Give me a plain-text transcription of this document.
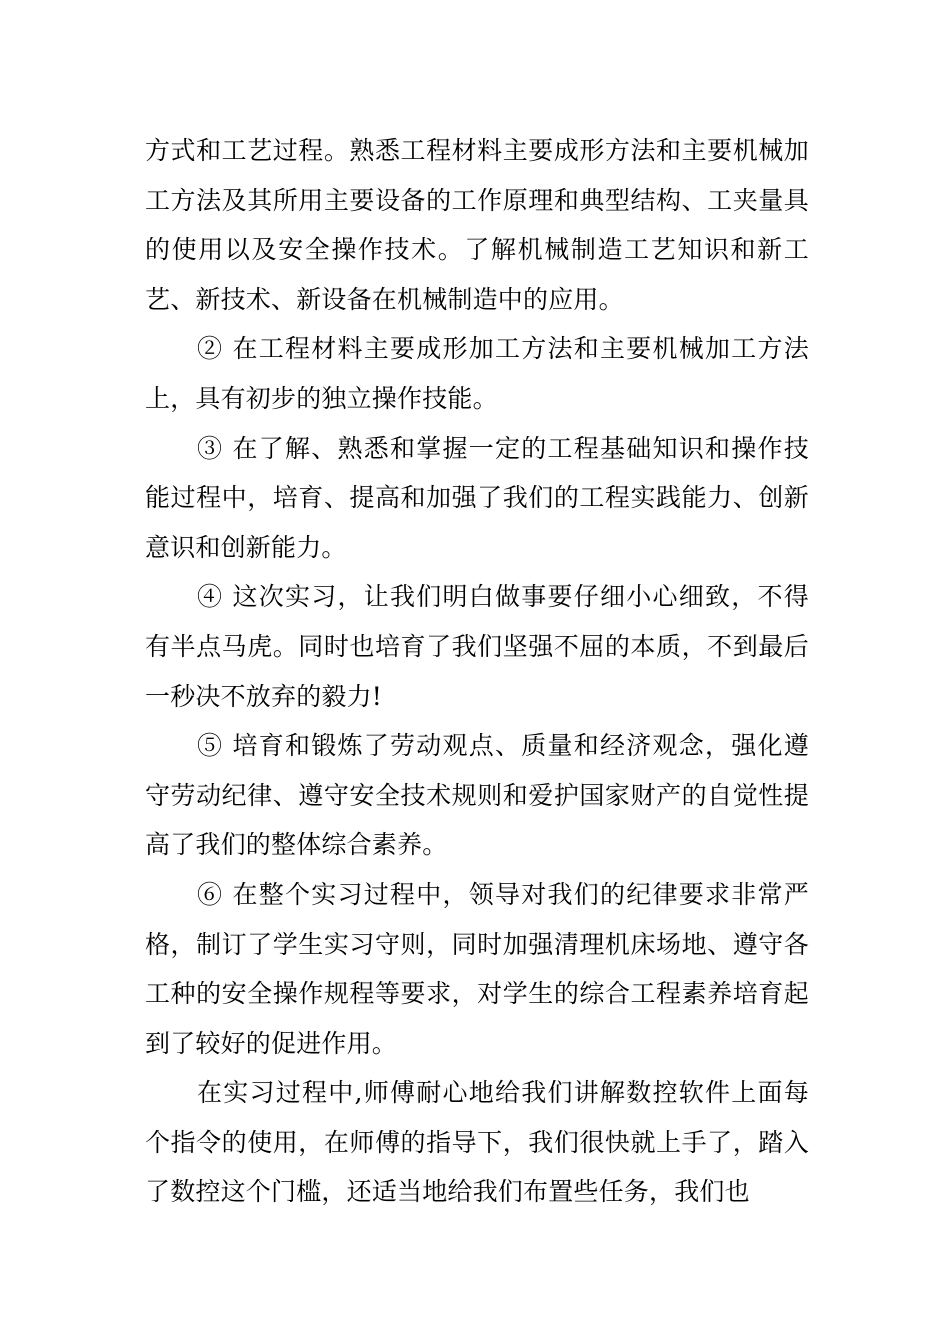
方式和工艺过程。熟悉工程材料主要成形方法和主要机械加工方法及其所用主要设备的工作原理和典型结构、工夹量具的使用以及安全操作技术。了解机械制造工艺知识和新工艺、新技术、新设备在机械制造中的应用。

② 在工程材料主要成形加工方法和主要机械加工方法上，具有初步的独立操作技能。

③ 在了解、熟悉和掌握一定的工程基础知识和操作技能过程中，培育、提高和加强了我们的工程实践能力、创新意识和创新能力。

④ 这次实习，让我们明白做事要仔细小心细致，不得有半点马虎。同时也培育了我们坚强不屈的本质，不到最后一秒决不放弃的毅力!

⑤ 培育和锻炼了劳动观点、质量和经济观念，强化遵守劳动纪律、遵守安全技术规则和爱护国家财产的自觉性提高了我们的整体综合素养。

⑥ 在整个实习过程中，领导对我们的纪律要求非常严格，制订了学生实习守则，同时加强清理机床场地、遵守各工种的安全操作规程等要求，对学生的综合工程素养培育起到了较好的促进作用。

在实习过程中,师傅耐心地给我们讲解数控软件上面每个指令的使用，在师傅的指导下，我们很快就上手了，踏入了数控这个门槛，还适当地给我们布置些任务，我们也
